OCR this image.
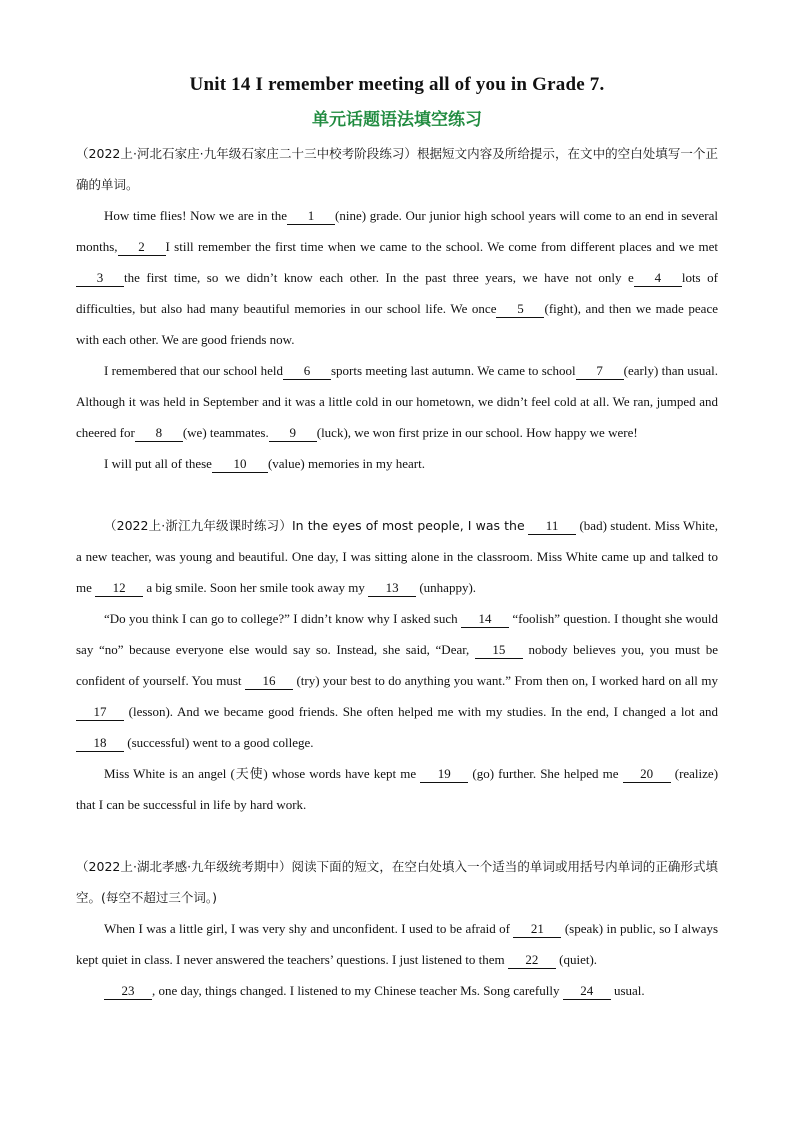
Unit 14 I remember meeting all of you in Grade 7.
单元话题语法填空练习

（2022上·河北石家庄·九年级石家庄二十三中校考阶段练习）根据短文内容及所给提示，在文中的空白处填写一个正确的单词。

How time flies! Now we are in the 1 (nine) grade. Our junior high school years will come to an end in several months, 2 I still remember the first time when we came to the school. We come from different places and we met3 the first time, so we didn’t know each other. In the past three years, we have not only e 4 lots of difficulties, but also had many beautiful memories in our school life. We once 5 (fight), and then we made peace with each other. We are good friends now.

I remembered that our school held 6 sports meeting last autumn. We came to school 7 (early) than usual. Although it was held in September and it was a little cold in our hometown, we didn’t feel cold at all. We ran, jumped and cheered for 8 (we) teammates. 9 (luck), we won first prize in our school. How happy we were!

I will put all of these 10 (value) memories in my heart.

（2022上·浙江九年级课时练习）In the eyes of most people, I was the 11 (bad) student. Miss White, a new teacher, was young and beautiful. One day, I was sitting alone in the classroom. Miss White came up and talked to me 12 a big smile. Soon her smile took away my 13 (unhappy).

“Do you think I can go to college?” I didn’t know why I asked such 14 “foolish” question. I thought she would say “no” because everyone else would say so. Instead, she said, “Dear, 15 nobody believes you, you must be confident of yourself. You must 16 (try) your best to do anything you want.” From then on, I worked hard on all my 17 (lesson). And we became good friends. She often helped me with my studies. In the end, I changed a lot and 18 (successful) went to a good college.

Miss White is an angel (天使) whose words have kept me 19 (go) further. She helped me 20 (realize) that I can be successful in life by hard work.

（2022上·湖北孝感·九年级统考期中）阅读下面的短文，在空白处填入一个适当的单词或用括号内单词的正确形式填空。(每空不超过三个词。)

When I was a little girl, I was very shy and unconfident. I used to be afraid of 21 (speak) in public, so I always kept quiet in class. I never answered the teachers’ questions. I just listened to them 22 (quiet).

23 , one day, things changed. I listened to my Chinese teacher Ms. Song carefully 24 usual.
